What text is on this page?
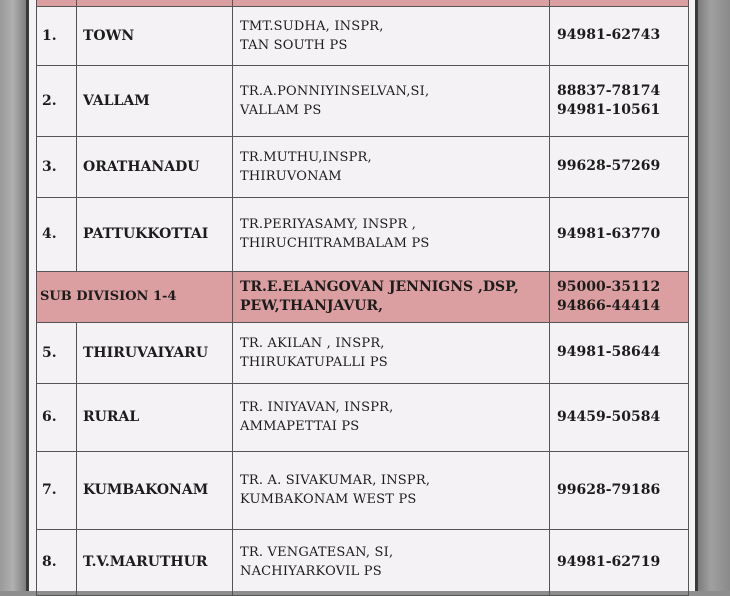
1.	TOWN	TMT.SUDHA, INSPR,
TAN SOUTH PS	94981-62743

2.	VALLAM	TR.A.PONNIYINSELVAN,SI,
VALLAM PS	88837-78174
94981-10561

3.	ORATHANADU	TR.MUTHU,INSPR,
THIRUVONAM	99628-57269

4.	PATTUKKOTTAI	TR.PERIYASAMY, INSPR ,
THIRUCHITRAMBALAM PS	94981-63770

SUB DIVISION 1-4		TR.E.ELANGOVAN JENNIGNS ,DSP,
PEW,THANJAVUR,	95000-35112
94866-44414

5.	THIRUVAIYARU	TR. AKILAN , INSPR,
THIRUKATUPALLI PS	94981-58644

6.	RURAL	TR. INIYAVAN, INSPR,
AMMAPETTAI PS	94459-50584

7.	KUMBAKONAM	TR. A. SIVAKUMAR, INSPR,
KUMBAKONAM WEST PS	99628-79186

8.	T.V.MARUTHUR	TR. VENGATESAN, SI,
NACHIYARKOVIL PS	94981-62719
